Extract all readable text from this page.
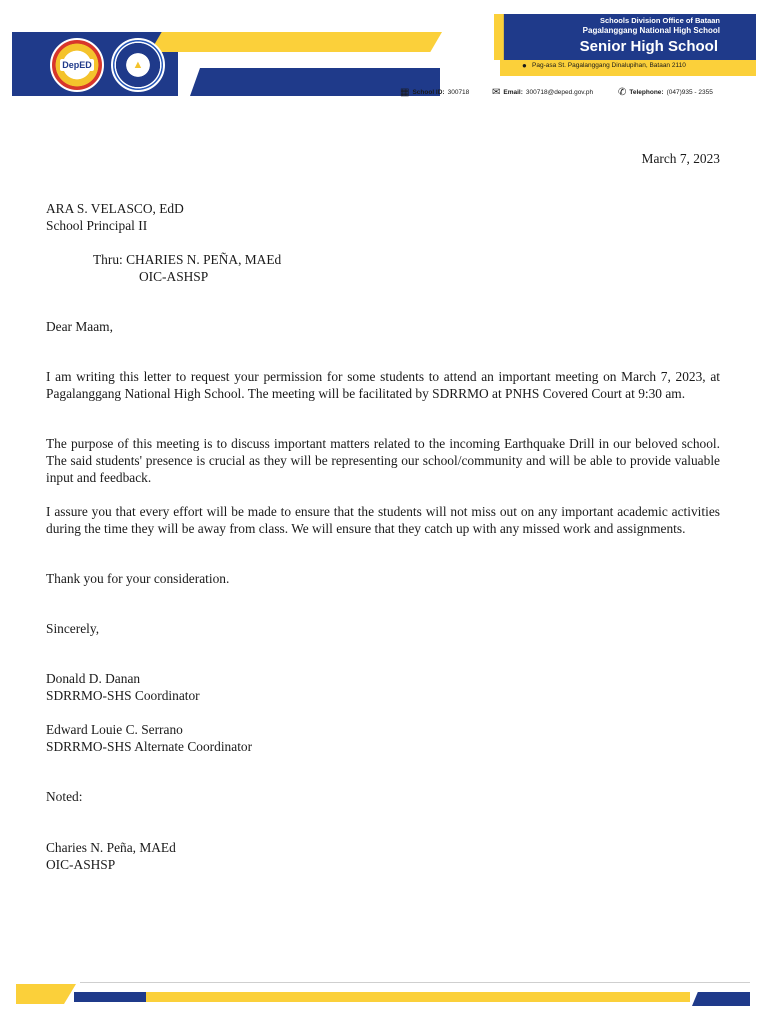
DepED	▲
Schools Division Office of Bataan
Pagalanggang National High School
Senior High School
● Pag-asa St. Pagalanggang Dinalupihan, Bataan 2110
▦ School ID: 300718 ✉ Email: 300718@deped.gov.ph ✆ Telephone: (047)935 - 2355
March 7, 2023
ARA S. VELASCO, EdD
School Principal II
Thru: CHARIES N. PEÑA, MAEd
OIC-ASHSP
Dear Maam,
I am writing this letter to request your permission for some students to attend an important meeting on March 7, 2023, at Pagalanggang National High School. The meeting will be facilitated by SDRRMO at PNHS Covered Court at 9:30 am.
The purpose of this meeting is to discuss important matters related to the incoming Earthquake Drill in our beloved school. The said students' presence is crucial as they will be representing our school/community and will be able to provide valuable input and feedback.
I assure you that every effort will be made to ensure that the students will not miss out on any important academic activities during the time they will be away from class. We will ensure that they catch up with any missed work and assignments.
Thank you for your consideration.
Sincerely,
Donald D. Danan
SDRRMO-SHS Coordinator
Edward Louie C. Serrano
SDRRMO-SHS Alternate Coordinator
Noted:
Charies N. Peña, MAEd
OIC-ASHSP
